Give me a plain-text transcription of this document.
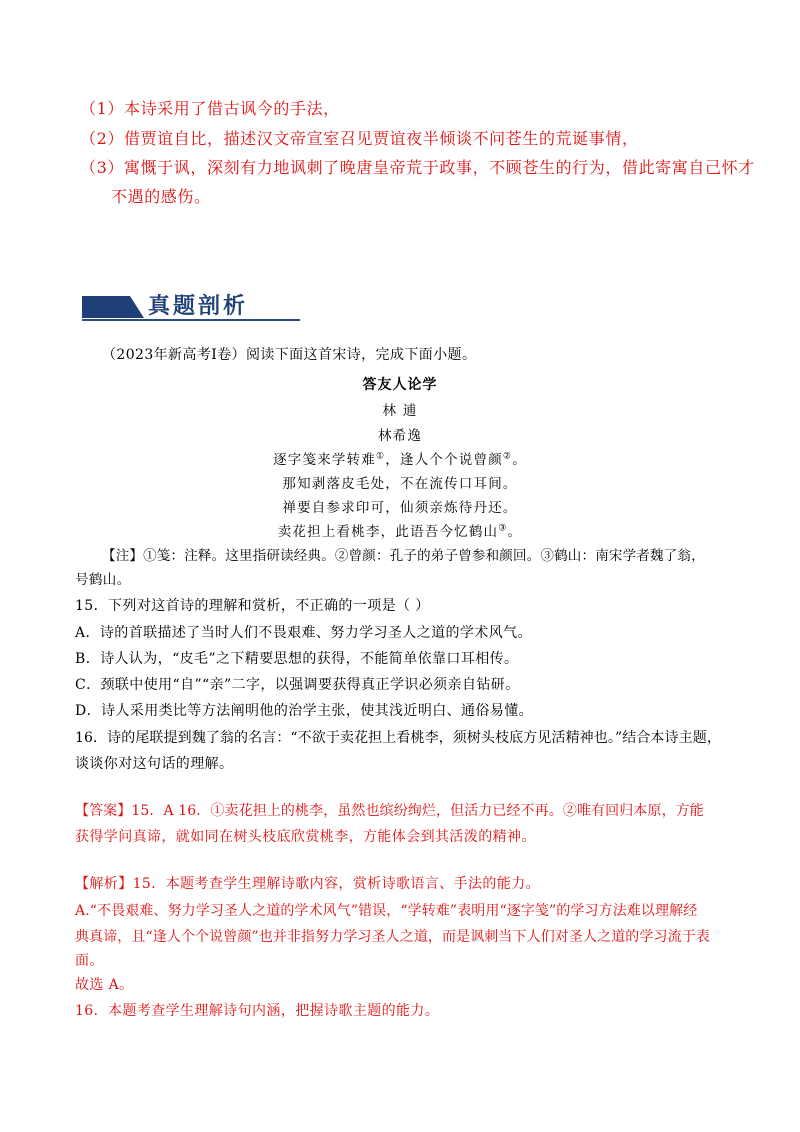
（1）本诗采用了借古讽今的手法，
（2）借贾谊自比，描述汉文帝宣室召见贾谊夜半倾谈不问苍生的荒诞事情，
（3）寓慨于讽，深刻有力地讽刺了晚唐皇帝荒于政事，不顾苍生的行为，借此寄寓自己怀才
不遇的感伤。
真题剖析
（2023年新高考Ⅰ卷）阅读下面这首宋诗，完成下面小题。
答友人论学
林 逋
林希逸
逐字笺来学转难①，逢人个个说曾颜②。
那知剥落皮毛处，不在流传口耳间。
禅要自参求印可，仙须亲炼待丹还。
卖花担上看桃李，此语吾今忆鹤山③。
【注】①笺：注释。这里指研读经典。②曾颜：孔子的弟子曾参和颜回。③鹤山：南宋学者魏了翁，
号鹤山。
15．下列对这首诗的理解和赏析，不正确的一项是（ ）
A．诗的首联描述了当时人们不畏艰难、努力学习圣人之道的学术风气。
B．诗人认为，“皮毛”之下精要思想的获得，不能简单依靠口耳相传。
C．颈联中使用“自”“亲”二字，以强调要获得真正学识必须亲自钻研。
D．诗人采用类比等方法阐明他的治学主张，使其浅近明白、通俗易懂。
16．诗的尾联提到魏了翁的名言：“不欲于卖花担上看桃李，须树头枝底方见活精神也。”结合本诗主题，
谈谈你对这句话的理解。
【答案】15．A 16．①卖花担上的桃李，虽然也缤纷绚烂，但活力已经不再。②唯有回归本原，方能
获得学问真谛，就如同在树头枝底欣赏桃李，方能体会到其活泼的精神。
【解析】15．本题考查学生理解诗歌内容，赏析诗歌语言、手法的能力。
A.“不畏艰难、努力学习圣人之道的学术风气”错误，“学转难”表明用“逐字笺”的学习方法难以理解经
典真谛，且“逢人个个说曾颜”也并非指努力学习圣人之道，而是讽刺当下人们对圣人之道的学习流于表
面。
故选 A。
16．本题考查学生理解诗句内涵，把握诗歌主题的能力。
